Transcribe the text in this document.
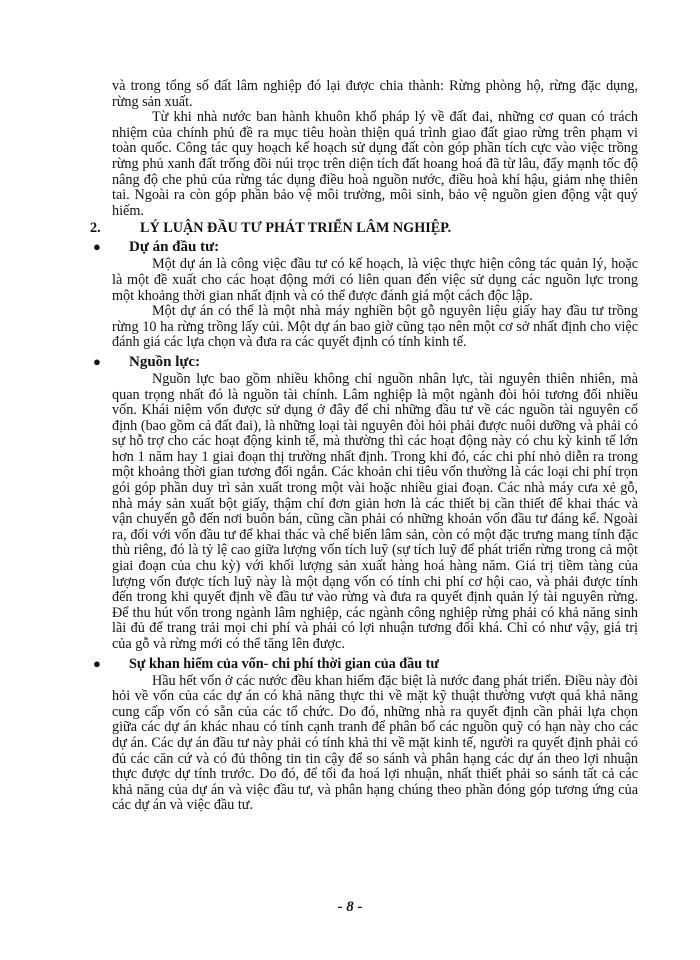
và trong tổng số đất lâm nghiệp đó lại được chia thành: Rừng phòng hộ, rừng đặc dụng, rừng sản xuất.

Từ khi nhà nước ban hành khuôn khổ pháp lý về đất đai, những cơ quan có trách nhiệm của chính phủ đề ra mục tiêu hoàn thiện quá trình giao đất giao rừng trên phạm vi toàn quốc. Công tác quy hoạch kế hoạch sử dụng đất còn góp phần tích cực vào việc trồng rừng phủ xanh đất trống đồi núi trọc trên diện tích đất hoang hoá đã từ lâu, đẩy mạnh tốc độ nâng độ che phủ của rừng tác dụng điều hoà nguồn nước, điều hoà khí hậu, giảm nhẹ thiên tai. Ngoài ra còn góp phần bảo vệ môi trường, môi sinh, bảo vệ nguồn gien động vật quý hiếm.

2.	LÝ LUẬN ĐẦU TƯ PHÁT TRIỂN LÂM NGHIỆP.
● Dự án đầu tư:

Một dự án là công việc đầu tư có kế hoạch, là việc thực hiện công tác quản lý, hoặc là một đề xuất cho các hoạt động mới có liên quan đến việc sử dụng các nguồn lực trong một khoảng thời gian nhất định và có thể được đánh giá một cách độc lập.

Một dự án có thể là một nhà máy nghiền bột gỗ nguyên liệu giấy hay đầu tư trồng rừng 10 ha rừng trồng lấy củi. Một dự án bao giờ cũng tạo nên một cơ sở nhất định cho việc đánh giá các lựa chọn và đưa ra các quyết định có tính kinh tế.

● Nguồn lực:

Nguồn lực bao gồm nhiều không chỉ nguồn nhân lực, tài nguyên thiên nhiên, mà quan trọng nhất đó là nguồn tài chính. Lâm nghiệp là một ngành đòi hỏi tương đối nhiều vốn. Khái niệm vốn được sử dụng ở đây để chỉ những đầu tư về các nguồn tài nguyên cố định (bao gồm cả đất đai), là những loại tài nguyên đòi hỏi phải được nuôi dưỡng và phải có sự hỗ trợ cho các hoạt động kinh tế, mà thường thì các hoạt động này có chu kỳ kinh tế lớn hơn 1 năm hay 1 giai đoạn thị trường nhất định. Trong khi đó, các chi phí nhỏ diễn ra trong một khoảng thời gian tương đối ngắn. Các khoản chi tiêu vốn thường là các loại chi phí trọn gói góp phần duy trì sản xuất trong một vài hoặc nhiều giai đoạn. Các nhà máy cưa xẻ gỗ, nhà máy sản xuất bột giấy, thậm chí đơn giản hơn là các thiết bị cần thiết để khai thác và vận chuyển gỗ đến nơi buôn bán, cũng cần phải có những khoản vốn đầu tư đáng kể. Ngoài ra, đối với vốn đầu tư để khai thác và chế biến lâm sản, còn có một đặc trưng mang tính đặc thù riêng, đó là tỷ lệ cao giữa lượng vốn tích luỹ (sự tích luỹ để phát triển rừng trong cả một giai đoạn của chu kỳ) với khối lượng sản xuất hàng hoá hàng năm. Giá trị tiềm tàng của lượng vốn được tích luỹ này là một dạng vốn có tính chi phí cơ hội cao, và phải được tính đến trong khi quyết định về đầu tư vào rừng và đưa ra quyết định quản lý tài nguyên rừng. Để thu hút vốn trong ngành lâm nghiệp, các ngành công nghiệp rừng phải có khả năng sinh lãi đủ để trang trải mọi chi phí và phải có lợi nhuận tương đối khá. Chỉ có như vậy, giá trị của gỗ và rừng mới có thể tăng lên được.

● Sự khan hiếm của vốn- chi phí thời gian của đầu tư

Hầu hết vốn ở các nước đều khan hiếm đặc biệt là nước đang phát triển. Điều này đòi hỏi về vốn của các dự án có khả năng thực thi về mặt kỹ thuật thường vượt quá khả năng cung cấp vốn có sẵn của các tổ chức. Do đó, những nhà ra quyết định cần phải lựa chọn giữa các dự án khác nhau có tính cạnh tranh để phân bổ các nguồn quỹ có hạn này cho các dự án. Các dự án đầu tư này phải có tính khả thi về mặt kinh tế, người ra quyết định phải có đủ các căn cứ và có đủ thông tin tin cậy để so sánh và phân hạng các dự án theo lợi nhuận thực được dự tính trước. Do đó, để tối đa hoá lợi nhuận, nhất thiết phải so sánh tất cả các khả năng của dự án và việc đầu tư, và phân hạng chúng theo phần đóng góp tương ứng của các dự án và việc đầu tư.

- 8 -
